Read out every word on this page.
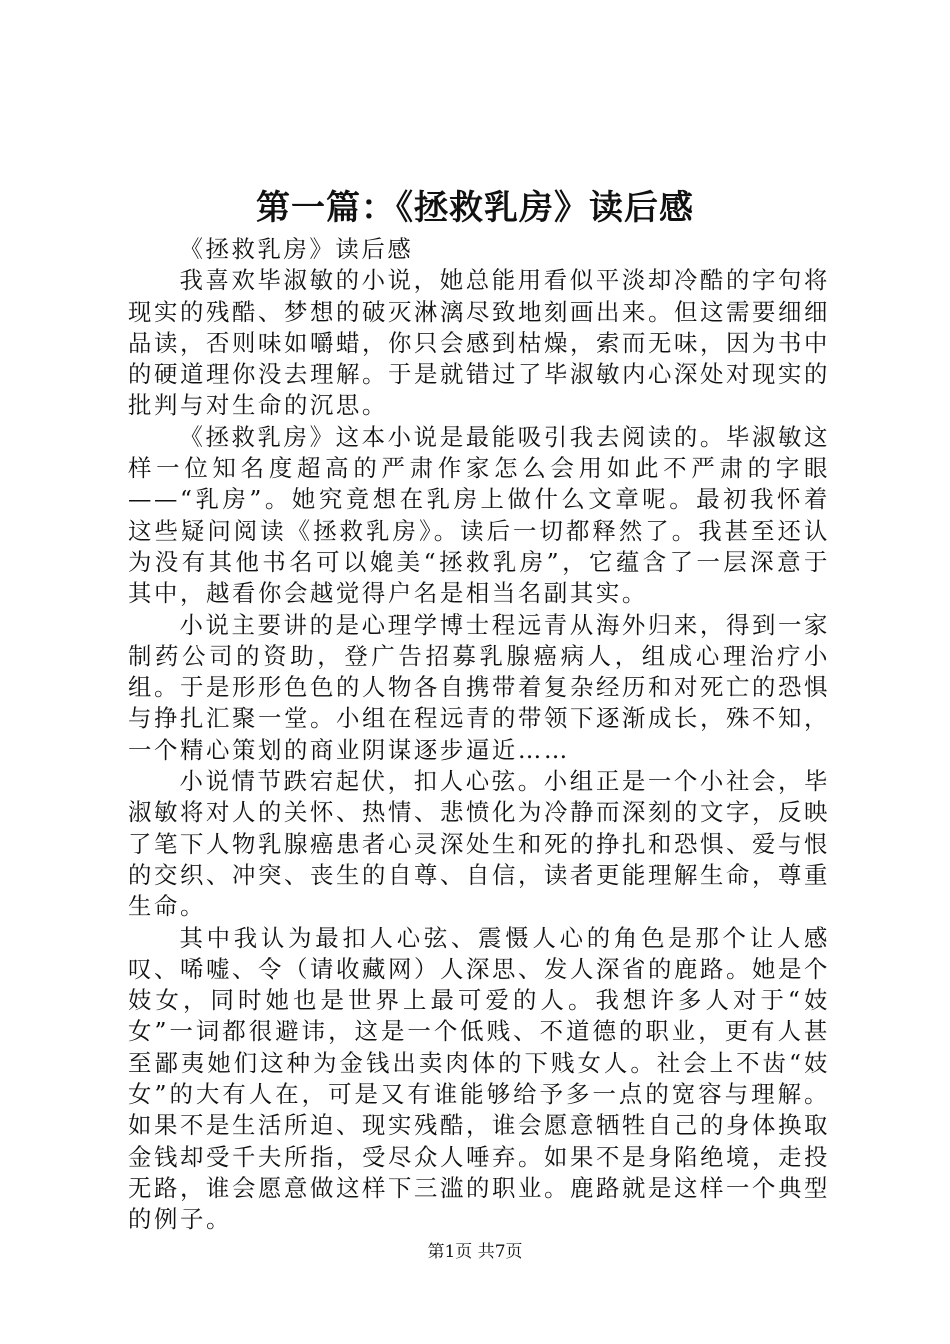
第一篇：《拯救乳房》读后感

《拯救乳房》读后感

我喜欢毕淑敏的小说，她总能用看似平淡却冷酷的字句将现实的残酷、梦想的破灭淋漓尽致地刻画出来。但这需要细细品读，否则味如嚼蜡，你只会感到枯燥，索而无味，因为书中的硬道理你没去理解。于是就错过了毕淑敏内心深处对现实的批判与对生命的沉思。

《拯救乳房》这本小说是最能吸引我去阅读的。毕淑敏这样一位知名度超高的严肃作家怎么会用如此不严肃的字眼——“乳房”。她究竟想在乳房上做什么文章呢。最初我怀着这些疑问阅读《拯救乳房》。读后一切都释然了。我甚至还认为没有其他书名可以媲美“拯救乳房”，它蕴含了一层深意于其中，越看你会越觉得户名是相当名副其实。

小说主要讲的是心理学博士程远青从海外归来，得到一家制药公司的资助，登广告招募乳腺癌病人，组成心理治疗小组。于是形形色色的人物各自携带着复杂经历和对死亡的恐惧与挣扎汇聚一堂。小组在程远青的带领下逐渐成长，殊不知，一个精心策划的商业阴谋逐步逼近……

小说情节跌宕起伏，扣人心弦。小组正是一个小社会，毕淑敏将对人的关怀、热情、悲愤化为冷静而深刻的文字，反映了笔下人物乳腺癌患者心灵深处生和死的挣扎和恐惧、爱与恨的交织、冲突、丧生的自尊、自信，读者更能理解生命，尊重生命。

其中我认为最扣人心弦、震慑人心的角色是那个让人感叹、唏嘘、令（请收藏网）人深思、发人深省的鹿路。她是个妓女，同时她也是世界上最可爱的人。我想许多人对于“妓女”一词都很避讳，这是一个低贱、不道德的职业，更有人甚至鄙夷她们这种为金钱出卖肉体的下贱女人。社会上不齿“妓女”的大有人在，可是又有谁能够给予多一点的宽容与理解。如果不是生活所迫、现实残酷，谁会愿意牺牲自己的身体换取金钱却受千夫所指，受尽众人唾弃。如果不是身陷绝境，走投无路，谁会愿意做这样下三滥的职业。鹿路就是这样一个典型的例子。

第1页 共7页
